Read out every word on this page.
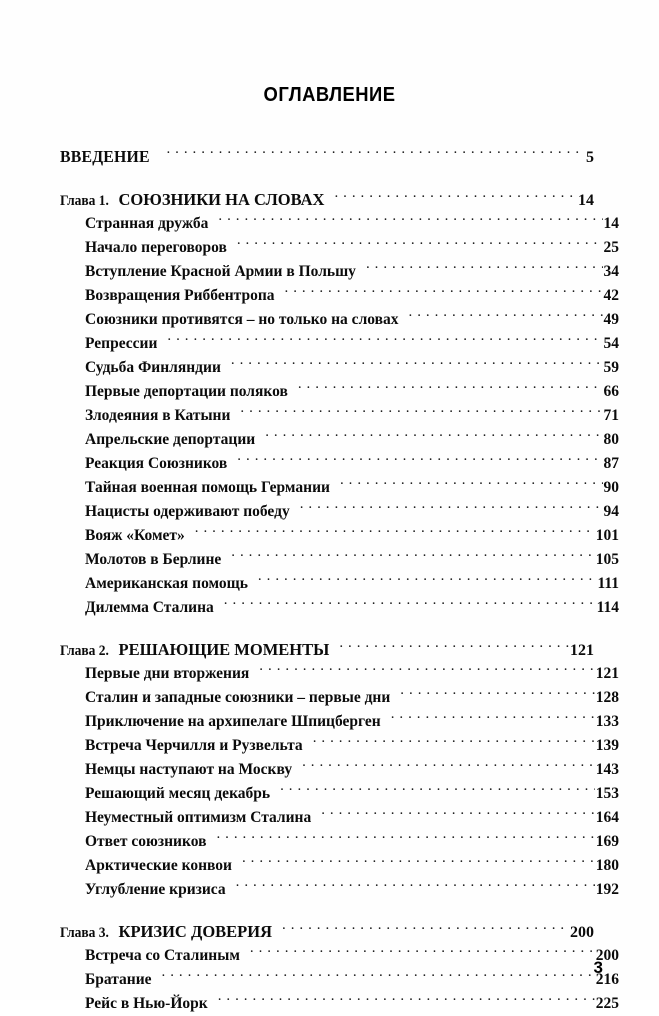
ОГЛАВЛЕНИЕ
ВВЕДЕНИЕ . . .	5
Глава 1. СОЮЗНИКИ НА СЛОВАХ . . .	14
Странная дружба . . .	14
Начало переговоров . . .	25
Вступление Красной Армии в Польшу . . .	34
Возвращения Риббентропа . . .	42
Союзники противятся – но только на словах . . .	49
Репрессии . . .	54
Судьба Финляндии . . .	59
Первые депортации поляков . . .	66
Злодеяния в Катыни . . .	71
Апрельские депортации . . .	80
Реакция Союзников . . .	87
Тайная военная помощь Германии . . .	90
Нацисты одерживают победу . . .	94
Вояж «Комет» . . .	101
Молотов в Берлине . . .	105
Американская помощь . . .	111
Дилемма Сталина . . .	114
Глава 2. РЕШАЮЩИЕ МОМЕНТЫ . . .	121
Первые дни вторжения . . .	121
Сталин и западные союзники – первые дни . . .	128
Приключение на архипелаге Шпицберген . . .	133
Встреча Черчилля и Рузвельта . . .	139
Немцы наступают на Москву . . .	143
Решающий месяц декабрь . . .	153
Неуместный оптимизм Сталина . . .	164
Ответ союзников . . .	169
Арктические конвои . . .	180
Углубление кризиса . . .	192
Глава 3. КРИЗИС ДОВЕРИЯ . . .	200
Встреча со Сталиным . . .	200
Братание . . .	216
Рейс в Нью-Йорк . . .	225
3
